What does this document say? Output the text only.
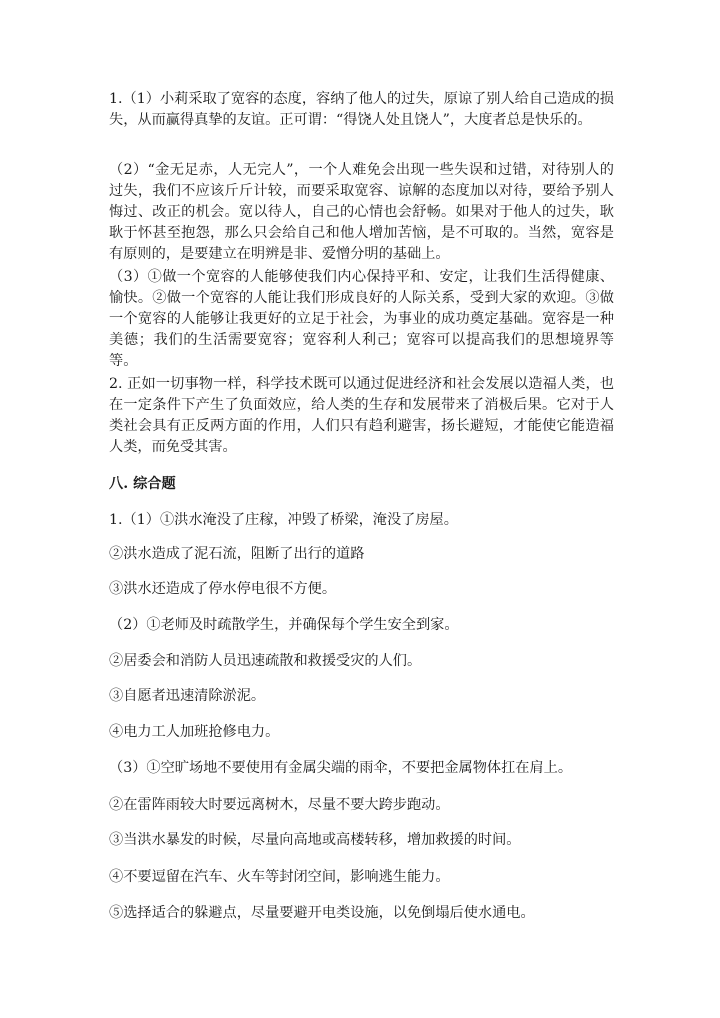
1.（1）小莉采取了宽容的态度，容纳了他人的过失，原谅了别人给自己造成的损失，从而赢得真挚的友谊。正可谓：“得饶人处且饶人”，大度者总是快乐的。

（2）“金无足赤，人无完人”，一个人难免会出现一些失误和过错，对待别人的过失，我们不应该斤斤计较，而要采取宽容、谅解的态度加以对待，要给予别人悔过、改正的机会。宽以待人，自己的心情也会舒畅。如果对于他人的过失，耿耿于怀甚至抱怨，那么只会给自己和他人增加苦恼，是不可取的。当然，宽容是有原则的，是要建立在明辨是非、爱憎分明的基础上。

（3）①做一个宽容的人能够使我们内心保持平和、安定，让我们生活得健康、愉快。②做一个宽容的人能让我们形成良好的人际关系，受到大家的欢迎。③做一个宽容的人能够让我更好的立足于社会，为事业的成功奠定基础。宽容是一种美德；我们的生活需要宽容；宽容利人利己；宽容可以提高我们的思想境界等等。

2. 正如一切事物一样，科学技术既可以通过促进经济和社会发展以造福人类，也在一定条件下产生了负面效应，给人类的生存和发展带来了消极后果。它对于人类社会具有正反两方面的作用，人们只有趋利避害，扬长避短，才能使它能造福人类，而免受其害。

八. 综合题

1.（1）①洪水淹没了庄稼，冲毁了桥梁，淹没了房屋。

②洪水造成了泥石流，阻断了出行的道路

③洪水还造成了停水停电很不方便。

（2）①老师及时疏散学生，并确保每个学生安全到家。

②居委会和消防人员迅速疏散和救援受灾的人们。

③自愿者迅速清除淤泥。

④电力工人加班抢修电力。

（3）①空旷场地不要使用有金属尖端的雨伞，不要把金属物体扛在肩上。

②在雷阵雨较大时要远离树木，尽量不要大跨步跑动。

③当洪水暴发的时候，尽量向高地或高楼转移，增加救援的时间。

④不要逗留在汽车、火车等封闭空间，影响逃生能力。

⑤选择适合的躲避点，尽量要避开电类设施，以免倒塌后使水通电。
